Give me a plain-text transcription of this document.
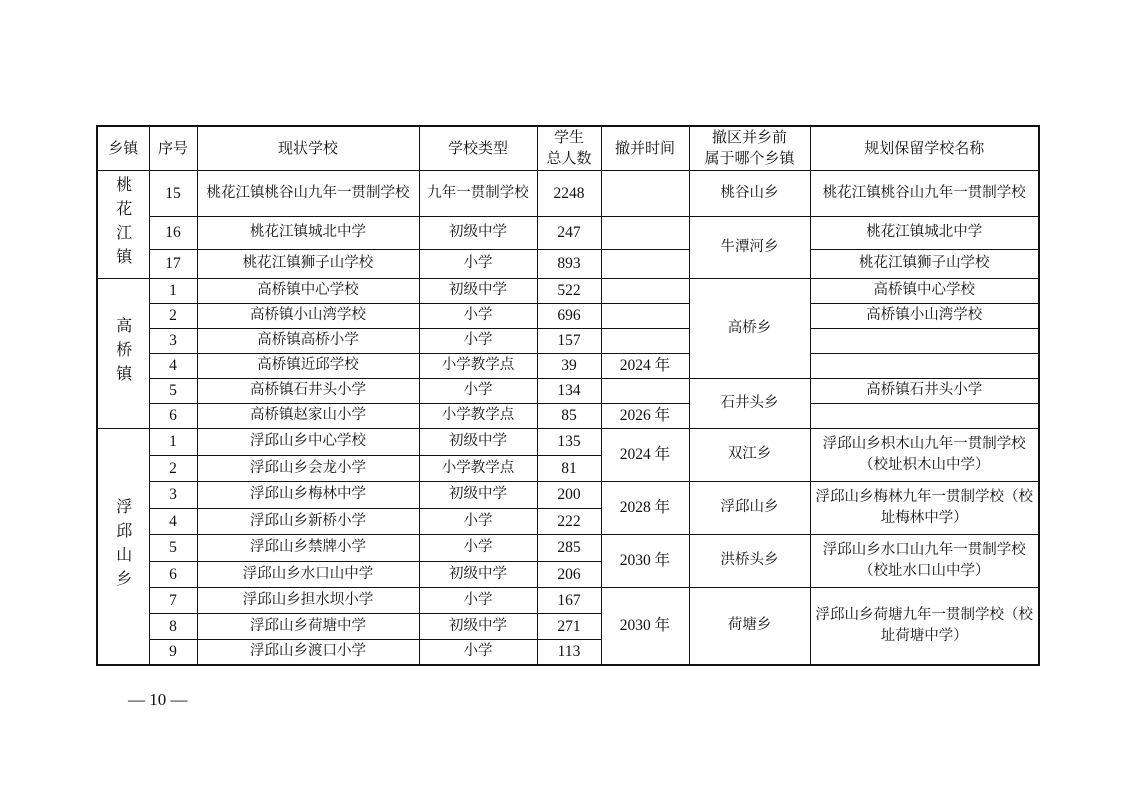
乡镇	序号	现状学校	学校类型	学生
总人数	撤并时间	撤区并乡前
属于哪个乡镇	规划保留学校名称

桃花江镇	15	桃花江镇桃谷山九年一贯制学校	九年一贯制学校	2248		桃谷山乡	桃花江镇桃谷山九年一贯制学校
	16	桃花江镇城北中学	初级中学	247		牛潭河乡	桃花江镇城北中学
	17	桃花江镇狮子山学校	小学	893			桃花江镇狮子山学校

高桥镇	1	高桥镇中心学校	初级中学	522		高桥乡	高桥镇中心学校
	2	高桥镇小山湾学校	小学	696			高桥镇小山湾学校
	3	高桥镇高桥小学	小学	157			
	4	高桥镇近邱学校	小学教学点	39	2024 年		
	5	高桥镇石井头小学	小学	134		石井头乡	高桥镇石井头小学
	6	高桥镇赵家山小学	小学教学点	85	2026 年		

浮邱山乡	1	浮邱山乡中心学校	初级中学	135	2024 年	双江乡	浮邱山乡枳木山九年一贯制学校（校址枳木山中学）
	2	浮邱山乡会龙小学	小学教学点	81			
	3	浮邱山乡梅林中学	初级中学	200	2028 年	浮邱山乡	浮邱山乡梅林九年一贯制学校（校址梅林中学）
	4	浮邱山乡新桥小学	小学	222			
	5	浮邱山乡禁牌小学	小学	285	2030 年	洪桥头乡	浮邱山乡水口山九年一贯制学校（校址水口山中学）
	6	浮邱山乡水口山中学	初级中学	206			
	7	浮邱山乡担水坝小学	小学	167	2030 年	荷塘乡	浮邱山乡荷塘九年一贯制学校（校址荷塘中学）
	8	浮邱山乡荷塘中学	初级中学	271			
	9	浮邱山乡渡口小学	小学	113			
— 10 —
